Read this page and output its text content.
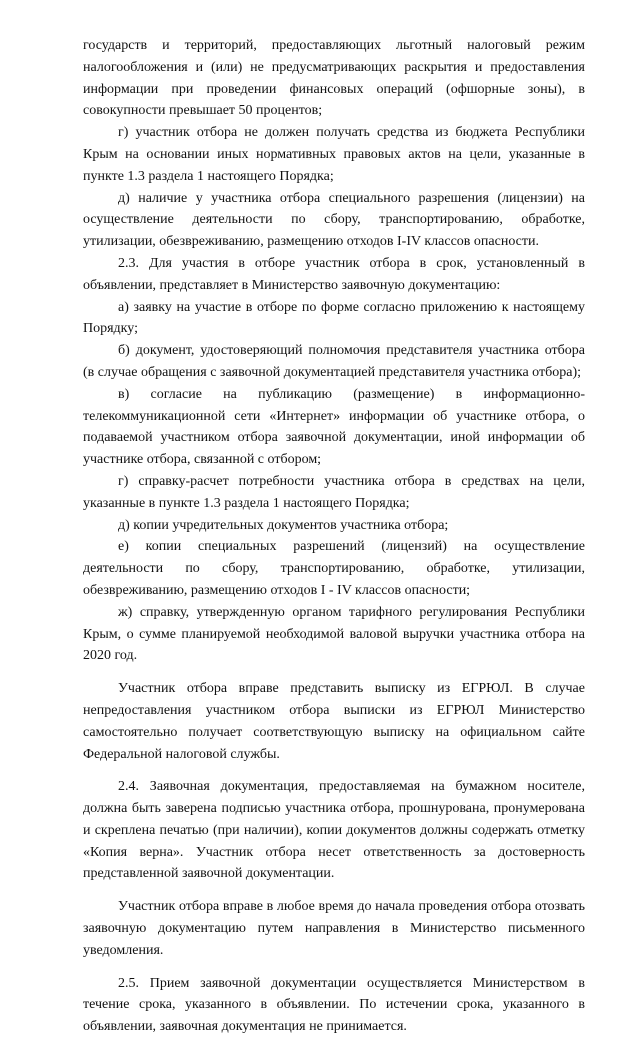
государств и территорий, предоставляющих льготный налоговый режим налогообложения и (или) не предусматривающих раскрытия и предоставления информации при проведении финансовых операций (офшорные зоны), в совокупности превышает 50 процентов;

г) участник отбора не должен получать средства из бюджета Республики Крым на основании иных нормативных правовых актов на цели, указанные в пункте 1.3 раздела 1 настоящего Порядка;

д) наличие у участника отбора специального разрешения (лицензии) на осуществление деятельности по сбору, транспортированию, обработке, утилизации, обезвреживанию, размещению отходов I-IV классов опасности.

2.3. Для участия в отборе участник отбора в срок, установленный в объявлении, представляет в Министерство заявочную документацию:

а) заявку на участие в отборе по форме согласно приложению к настоящему Порядку;

б) документ, удостоверяющий полномочия представителя участника отбора (в случае обращения с заявочной документацией представителя участника отбора);

в) согласие на публикацию (размещение) в информационно-телекоммуникационной сети «Интернет» информации об участнике отбора, о подаваемой участником отбора заявочной документации, иной информации об участнике отбора, связанной с отбором;

г) справку-расчет потребности участника отбора в средствах на цели, указанные в пункте 1.3 раздела 1 настоящего Порядка;

д) копии учредительных документов участника отбора;

е) копии специальных разрешений (лицензий) на осуществление деятельности по сбору, транспортированию, обработке, утилизации, обезвреживанию, размещению отходов I - IV классов опасности;

ж) справку, утвержденную органом тарифного регулирования Республики Крым, о сумме планируемой необходимой валовой выручки участника отбора на 2020 год.

Участник отбора вправе представить выписку из ЕГРЮЛ. В случае непредоставления участником отбора выписки из ЕГРЮЛ Министерство самостоятельно получает соответствующую выписку на официальном сайте Федеральной налоговой службы.

2.4. Заявочная документация, предоставляемая на бумажном носителе, должна быть заверена подписью участника отбора, прошнурована, пронумерована и скреплена печатью (при наличии), копии документов должны содержать отметку «Копия верна». Участник отбора несет ответственность за достоверность представленной заявочной документации.

Участник отбора вправе в любое время до начала проведения отбора отозвать заявочную документацию путем направления в Министерство письменного уведомления.

2.5. Прием заявочной документации осуществляется Министерством в течение срока, указанного в объявлении. По истечении срока, указанного в объявлении, заявочная документация не принимается.
